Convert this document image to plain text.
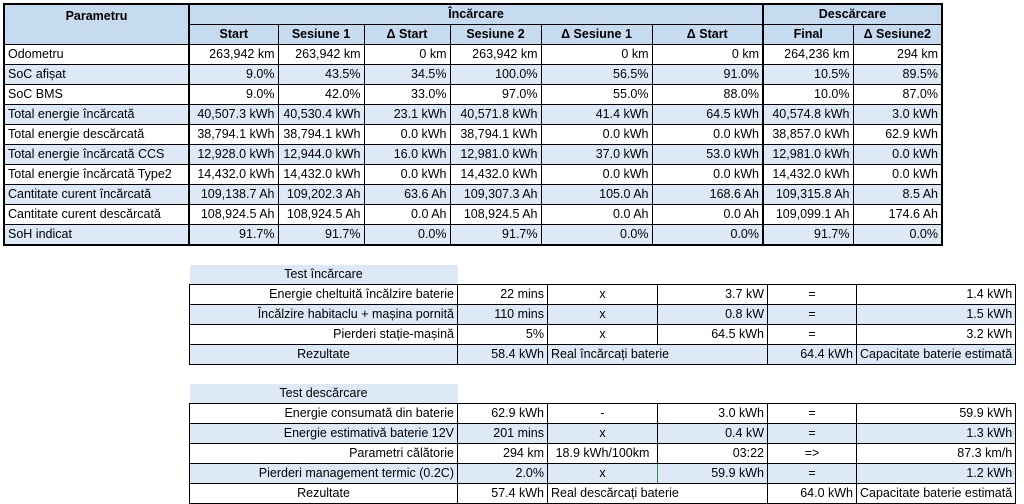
Parametru	Încărcare						Descărcare	
	Start	Sesiune 1	Δ Start	Sesiune 2	Δ Sesiune 1	Δ Start	Final	Δ Sesiune2
Odometru	263,942 km	263,942 km	0 km	263,942 km	0 km	0 km	264,236 km	294 km
SoC afișat	9.0%	43.5%	34.5%	100.0%	56.5%	91.0%	10.5%	89.5%
SoC BMS	9.0%	42.0%	33.0%	97.0%	55.0%	88.0%	10.0%	87.0%
Total energie încărcată	40,507.3 kWh	40,530.4 kWh	23.1 kWh	40,571.8 kWh	41.4 kWh	64.5 kWh	40,574.8 kWh	3.0 kWh
Total energie descărcată	38,794.1 kWh	38,794.1 kWh	0.0 kWh	38,794.1 kWh	0.0 kWh	0.0 kWh	38,857.0 kWh	62.9 kWh
Total energie încărcată CCS	12,928.0 kWh	12,944.0 kWh	16.0 kWh	12,981.0 kWh	37.0 kWh	53.0 kWh	12,981.0 kWh	0.0 kWh
Total energie încărcată Type2	14,432.0 kWh	14,432.0 kWh	0.0 kWh	14,432.0 kWh	0.0 kWh	0.0 kWh	14,432.0 kWh	0.0 kWh
Cantitate curent încărcată	109,138.7 Ah	109,202.3 Ah	63.6 Ah	109,307.3 Ah	105.0 Ah	168.6 Ah	109,315.8 Ah	8.5 Ah
Cantitate curent descărcată	108,924.5 Ah	108,924.5 Ah	0.0 Ah	108,924.5 Ah	0.0 Ah	0.0 Ah	109,099.1 Ah	174.6 Ah
SoH indicat	91.7%	91.7%	0.0%	91.7%	0.0%	0.0%	91.7%	0.0%
Test încărcare					
Energie cheltuită încălzire baterie	22 mins	x	3.7 kW	=	1.4 kWh
Încălzire habitaclu + mașina pornită	110 mins	x	0.8 kW	=	1.5 kWh
Pierderi stație-mașină	5%	x	64.5 kWh	=	3.2 kWh
Rezultate	58.4 kWh	Real încărcați baterie		64.4 kWh	Capacitate baterie estimată
Test descărcare					
Energie consumată din baterie	62.9 kWh	-	3.0 kWh	=	59.9 kWh
Energie estimativă baterie 12V	201 mins	x	0.4 kW	=	1.3 kWh
Parametri călătorie	294 km	18.9 kWh/100km	03:22	=>	87.3 km/h
Pierderi management termic (0.2C)	2.0%	x	59.9 kWh	=	1.2 kWh
Rezultate	57.4 kWh	Real descărcați baterie		64.0 kWh	Capacitate baterie estimată
